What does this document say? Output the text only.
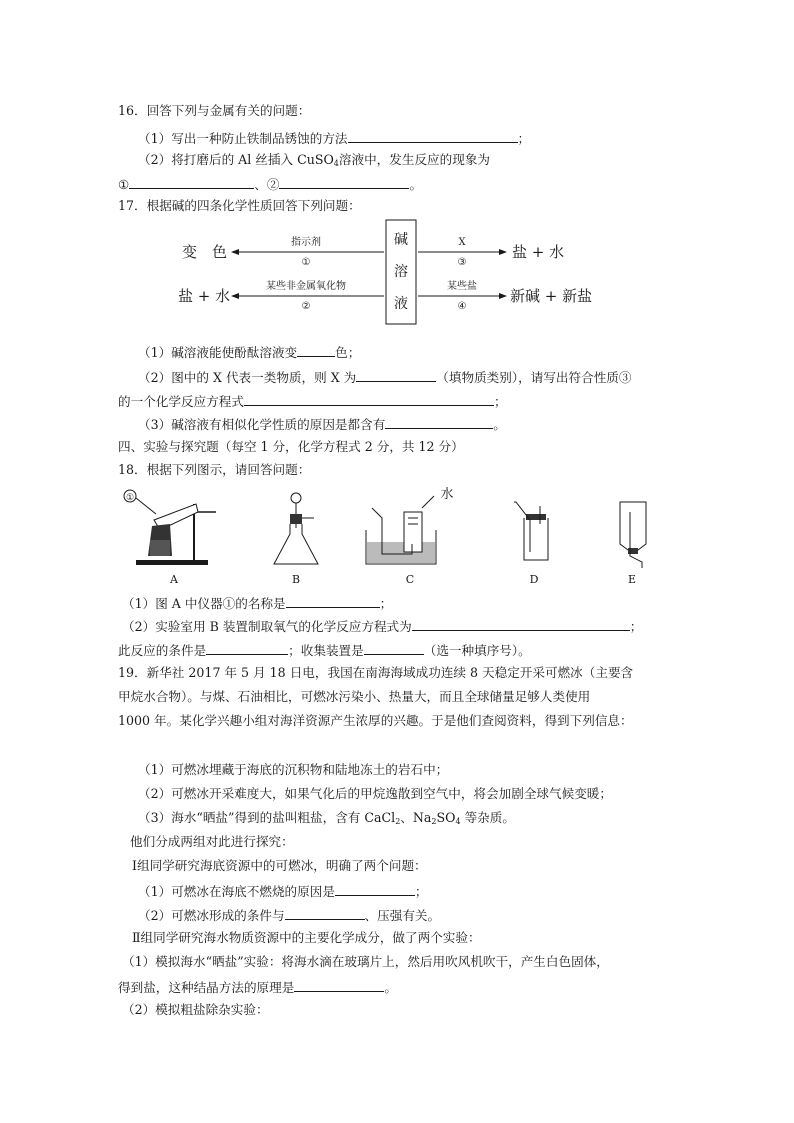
16．回答下列与金属有关的问题：
（1）写出一种防止铁制品锈蚀的方法	；
（2）将打磨后的 Al 丝插入 CuSO$_4$溶液中，发生反应的现象为
①	、②	。
17．根据碱的四条化学性质回答下列问题：
碱
溶
液
变　色
盐 + 水
指示剂
①
某些非金属氧化物
②
盐 + 水
新碱 + 新盐
X
③
某些盐
④
（1）碱溶液能使酚酞溶液变	色；
（2）图中的 X 代表一类物质，则 X 为	（填物质类别），请写出符合性质③
的一个化学反应方程式	；
（3）碱溶液有相似化学性质的原因是都含有	。
四、实验与探究题（每空 1 分，化学方程式 2 分，共 12 分）
18．根据下列图示，请回答问题：
①
A	B
水
C	D	E
（1）图 A 中仪器①的名称是	；
（2）实验室用 B 装置制取氧气的化学反应方程式为	；
此反应的条件是	；收集装置是	（选一种填序号）。
19．新华社 2017 年 5 月 18 日电，我国在南海海域成功连续 8 天稳定开采可燃冰（主要含
甲烷水合物）。与煤、石油相比，可燃冰污染小、热量大，而且全球储量足够人类使用
1000 年。某化学兴趣小组对海洋资源产生浓厚的兴趣。于是他们查阅资料，得到下列信息：
（1）可燃冰埋藏于海底的沉积物和陆地冻土的岩石中；
（2）可燃冰开采难度大，如果气化后的甲烷逸散到空气中，将会加剧全球气候变暖；
（3）海水“晒盐”得到的盐叫粗盐，含有 CaCl$_2$、$Na_2SO_4$ 等杂质。
他们分成两组对此进行探究：
Ⅰ组同学研究海底资源中的可燃冰，明确了两个问题：
（1）可燃冰在海底不燃烧的原因是	；
（2）可燃冰形成的条件与	、压强有关。
Ⅱ组同学研究海水物质资源中的主要化学成分，做了两个实验：
（1）模拟海水“晒盐”实验：将海水滴在玻璃片上，然后用吹风机吹干，产生白色固体，
得到盐，这种结晶方法的原理是	。
（2）模拟粗盐除杂实验：
